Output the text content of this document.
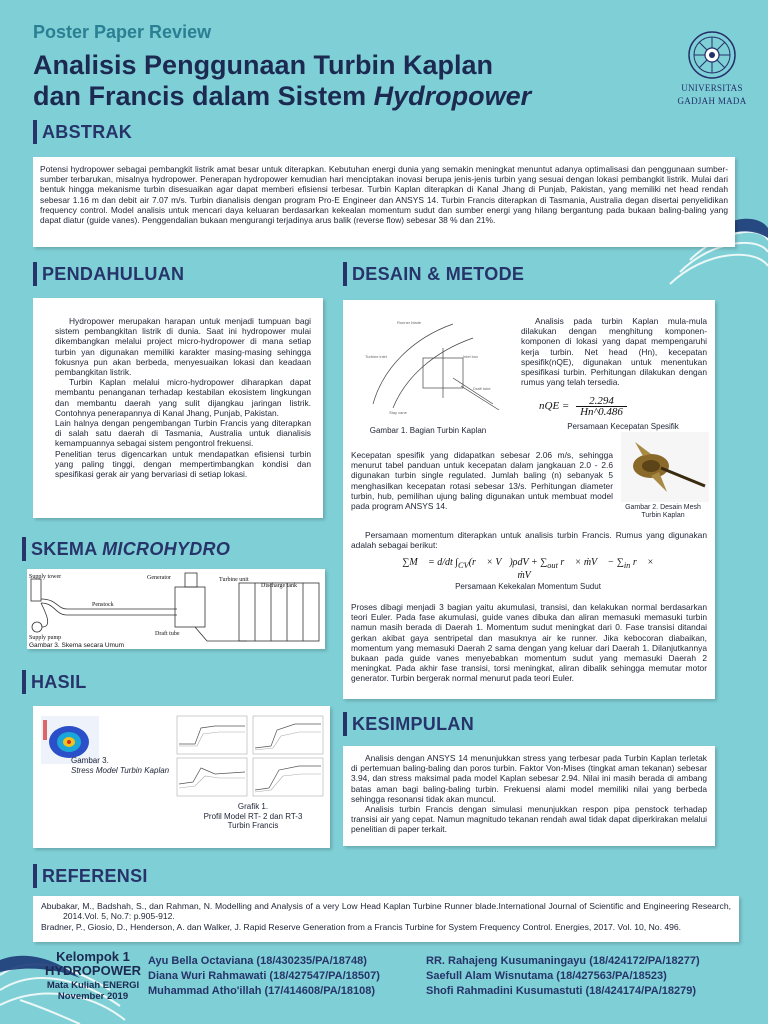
Poster Paper Review
Analisis Penggunaan Turbin Kaplan
dan Francis dalam Sistem Hydropower	UNIVERSITAS
GADJAH MADA
ABSTRAK

Potensi hydropower sebagai pembangkit listrik amat besar untuk diterapkan. Kebutuhan energi dunia yang semakin meningkat menuntut adanya optimalisasi dan penggunaan sumber-sumber terbarukan, misalnya hydropower. Penerapan hydropower kemudian hari menciptakan inovasi berupa jenis-jenis turbin yang sesuai dengan lokasi pembangkit listrik. Mulai dari bentuk hingga mekanisme turbin disesuaikan agar dapat memberi efisiensi terbesar. Turbin Kaplan diterapkan di Kanal Jhang di Punjab, Pakistan, yang memiliki net head rendah sebesar 1.16 m dan debit air 7.07 m/s. Turbin dianalisis dengan program Pro-E Engineer dan ANSYS 14. Turbin Francis diterapkan di Tasmania, Australia degan disertai penyelidikan frequency control. Model analisis untuk mencari daya keluaran berdasarkan kekealan momentum sudut dan sumber energi yang hilang bergantung pada bukaan baling-baling yang dapat diatur (guide vanes). Penggendalian bukaan mengurangi terjadinya arus balik (reverse flow) sebesar 38 % dan 21%.

PENDAHULUAN

Hydropower merupakan harapan untuk menjadi tumpuan bagi sistem pembangkitan listrik di dunia. Saat ini hydropower mulai dikembangkan melalui project micro-hydropower di mana setiap turbin yan digunakan memiliki karakter masing-masing sehingga fokusnya pun akan berbeda, menyesuaikan lokasi dan keadaan pembangkitan listrik.

Turbin Kaplan melalui micro-hydropower diharapkan dapat membantu penanganan terhadap kestabilan ekosistem lingkungan dan membantu daerah yang sulit dijangkau jaringan listrik. Contohnya penerapannya di Kanal Jhang, Punjab, Pakistan.

Lain halnya dengan pengembangan Turbin Francis yang diterapkan di salah satu daerah di Tasmania, Australia untuk dianalisis kemampuannya sebagai sistem pengontrol frekuensi.

Penelitian terus digencarkan untuk mendapatkan efisiensi turbin yang paling tinggi, dengan mempertimbangkan kondisi dan spesifikasi gerak air yang bervariasi di setiap lokasi.

SKEMA MICROHYDRO
Supply tower	Generator	Turbine unit
Discharge tank
Penstock
Supply pump
Draft tube
Gambar 3. Skema secara Umum
HASIL
Gambar 3.
Stress Model Turbin Kaplan
Grafik 1.
Profil Model RT- 2 dan RT-3
Turbin Francis
DESAIN & METODE
Runner blade
Turbine inlet	Inlet box
Draft tube
Stay vane
Gambar 1. Bagian Turbin Kaplan

Analisis pada turbin Kaplan mula-mula dilakukan dengan menghitung komponen-komponen di lokasi yang dapat mempengaruhi kerja turbin. Net head (Hn), kecepatan spesifik(nQE), digunakan untuk menentukan spesifikasi turbin. Perhitungan dilakukan dengan rumus yang telah tersedia.

nQE = $\frac{2.294}{Hn\^{}0.486}$
Persamaan Kecepatan Spesifik

Kecepatan spesifik yang didapatkan sebesar 2.06 m/s, sehingga menurut tabel panduan untuk kecepatan dalam jangkauan 2.0 - 2.6 digunakan turbin single regulated. Jumlah baling (n) sebanyak 5 menghasilkan kecepatan rotasi sebesar 13/s. Perhitungan diameter turbin, hub, pemilihan ujung baling digunakan untuk membuat model pada program ANSYS 14.	Gambar 2. Desain Mesh
Turbin Kaplan

Persamaan momentum diterapkan untuk analisis turbin Francis. Rumus yang digunakan adalah sebagai berikut:

∑M⃗ = d/dt $\int_{CV}(r⃗$ × V⃗)ρdV + $\sum_{out}$ r⃗ × ṁV⃗ − $\sum_{in}$ r⃗ × ṁV⃗
Persamaan Kekekalan Momentum Sudut

Proses dibagi menjadi 3 bagian yaitu akumulasi, transisi, dan kelakukan normal berdasarkan teori Euler. Pada fase akumulasi, guide vanes dibuka dan aliran memasuki memasuki turbin namun masih berada di Daerah 1. Momentum sudut meningkat dari 0. Fase transisi ditandai gerkan akibat gaya sentripetal dan masuknya air ke runner. Jika kebocoran diabaikan, momentum yang memasuki Daerah 2 sama dengan yang keluar dari Daerah 1. Dilanjutkannya bukaan pada guide vanes menyebabkan momentum sudut yang memasuki Daerah 2 meningkat. Pada akhir fase transisi, torsi meningkat, aliran dibalik sehingga memutar motor generator. Turbin bergerak normal menurut pada teori Euler.

KESIMPULAN

Analisis dengan ANSYS 14 menunjukkan stress yang terbesar pada Turbin Kaplan terletak di pertemuan baling-baling dan poros turbin. Faktor Von-Mises (tingkat aman tekanan) sebesar 3.94, dan stress maksimal pada model Kaplan sebesar 2.94. Nilai ini masih berada di ambang batas aman bagi baling-baling turbin. Frekuensi alami model memiliki nilai yang berbeda sehingga resonansi tidak akan muncul.

Analisis turbin Francis dengan simulasi menunjukkan respon pipa penstock terhadap transisi air yang cepat. Namun magnitudo tekanan rendah awal tidak dapat diperkirakan melalui penelitian di paper terkait.

REFERENSI

Abubakar, M., Badshah, S., dan Rahman, N. Modelling and Analysis of a very Low Head Kaplan Turbine Runner blade.International Journal of Scientific and Engineering Research, 2014.Vol. 5, No.7: p.905-912.

Bradner, P., Giosio, D., Henderson, A. dan Walker, J. Rapid Reserve Generation from a Francis Turbine for System Frequency Control. Energies, 2017. Vol. 10, No. 496.

Kelompok 1
HYDROPOWER
Mata Kuliah ENERGI
November 2019
Ayu Bella Octaviana (18/430235/PA/18748)
Diana Wuri Rahmawati (18/427547/PA/18507)
Muhammad Atho'illah (17/414608/PA/18108)
RR. Rahajeng Kusumaningayu (18/424172/PA/18277)
Saefull Alam Wisnutama (18/427563/PA/18523)
Shofi Rahmadini Kusumastuti (18/424174/PA/18279)
